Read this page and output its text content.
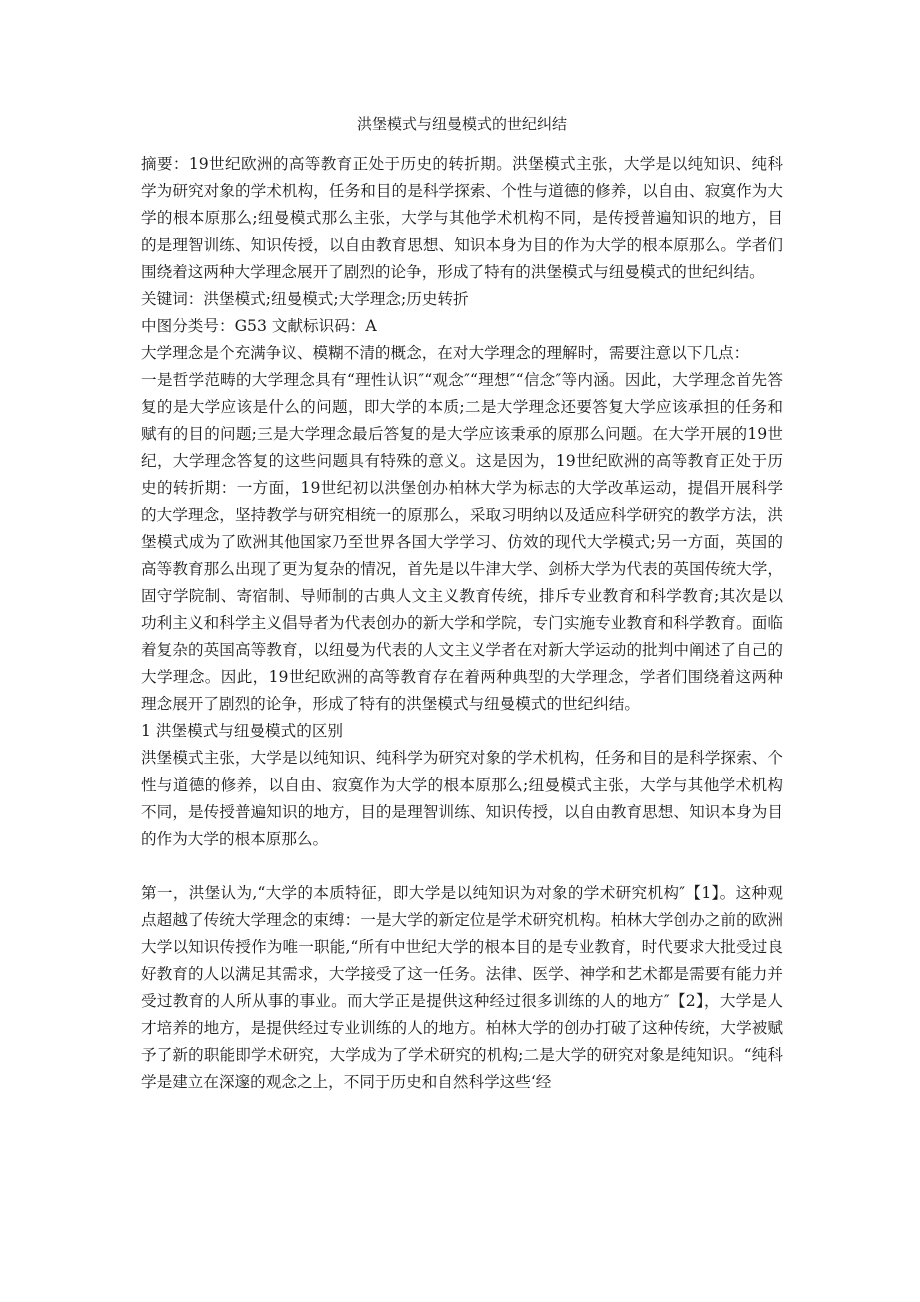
洪堡模式与纽曼模式的世纪纠结

摘要：19世纪欧洲的高等教育正处于历史的转折期。洪堡模式主张，大学是以纯知识、纯科学为研究对象的学术机构，任务和目的是科学探索、个性与道德的修养，以自由、寂寞作为大学的根本原那么;纽曼模式那么主张，大学与其他学术机构不同，是传授普遍知识的地方，目的是理智训练、知识传授，以自由教育思想、知识本身为目的作为大学的根本原那么。学者们围绕着这两种大学理念展开了剧烈的论争，形成了特有的洪堡模式与纽曼模式的世纪纠结。

关键词：洪堡模式;纽曼模式;大学理念;历史转折

中图分类号：G53 文献标识码：A

大学理念是个充满争议、模糊不清的概念，在对大学理念的理解时，需要注意以下几点：

一是哲学范畴的大学理念具有“理性认识″“观念″“理想″“信念″等内涵。因此，大学理念首先答复的是大学应该是什么的问题，即大学的本质;二是大学理念还要答复大学应该承担的任务和赋有的目的问题;三是大学理念最后答复的是大学应该秉承的原那么问题。在大学开展的19世纪，大学理念答复的这些问题具有特殊的意义。这是因为，19世纪欧洲的高等教育正处于历史的转折期：一方面，19世纪初以洪堡创办柏林大学为标志的大学改革运动，提倡开展科学的大学理念，坚持教学与研究相统一的原那么，采取习明纳以及适应科学研究的教学方法，洪堡模式成为了欧洲其他国家乃至世界各国大学学习、仿效的现代大学模式;另一方面，英国的高等教育那么出现了更为复杂的情况，首先是以牛津大学、剑桥大学为代表的英国传统大学，固守学院制、寄宿制、导师制的古典人文主义教育传统，排斥专业教育和科学教育;其次是以功利主义和科学主义倡导者为代表创办的新大学和学院，专门实施专业教育和科学教育。面临着复杂的英国高等教育，以纽曼为代表的人文主义学者在对新大学运动的批判中阐述了自己的大学理念。因此，19世纪欧洲的高等教育存在着两种典型的大学理念，学者们围绕着这两种理念展开了剧烈的论争，形成了特有的洪堡模式与纽曼模式的世纪纠结。

1 洪堡模式与纽曼模式的区别

洪堡模式主张，大学是以纯知识、纯科学为研究对象的学术机构，任务和目的是科学探索、个性与道德的修养，以自由、寂寞作为大学的根本原那么;纽曼模式主张，大学与其他学术机构不同，是传授普遍知识的地方，目的是理智训练、知识传授，以自由教育思想、知识本身为目的作为大学的根本原那么。

第一，洪堡认为,“大学的本质特征，即大学是以纯知识为对象的学术研究机构″【1】。这种观点超越了传统大学理念的束缚：一是大学的新定位是学术研究机构。柏林大学创办之前的欧洲大学以知识传授作为唯一职能,“所有中世纪大学的根本目的是专业教育，时代要求大批受过良好教育的人以满足其需求，大学接受了这一任务。法律、医学、神学和艺术都是需要有能力并受过教育的人所从事的事业。而大学正是提供这种经过很多训练的人的地方″【2】，大学是人才培养的地方，是提供经过专业训练的人的地方。柏林大学的创办打破了这种传统，大学被赋予了新的职能即学术研究，大学成为了学术研究的机构;二是大学的研究对象是纯知识。“纯科学是建立在深邃的观念之上，不同于历史和自然科学这些‘经
